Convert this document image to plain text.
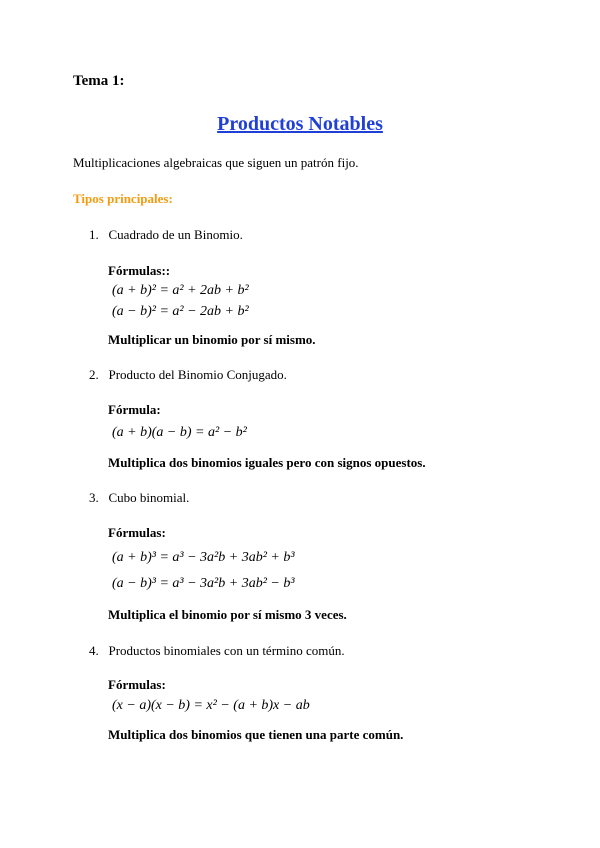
Tema 1:
Productos Notables
Multiplicaciones algebraicas que siguen un patrón fijo.
Tipos principales:
1. Cuadrado de un Binomio.
Fórmulas::
(a + b)² = a² + 2ab + b²
(a − b)² = a² − 2ab + b²
Multiplicar un binomio por sí mismo.
2. Producto del Binomio Conjugado.
Fórmula:
(a + b)(a − b) = a² − b²
Multiplica dos binomios iguales pero con signos opuestos.
3. Cubo binomial.
Fórmulas:
(a + b)³ = a³ − 3a²b + 3ab² + b³
(a − b)³ = a³ − 3a²b + 3ab² − b³
Multiplica el binomio por sí mismo 3 veces.
4. Productos binomiales con un término común.
Fórmulas:
(x − a)(x − b) = x² − (a + b)x − ab
Multiplica dos binomios que tienen una parte común.
